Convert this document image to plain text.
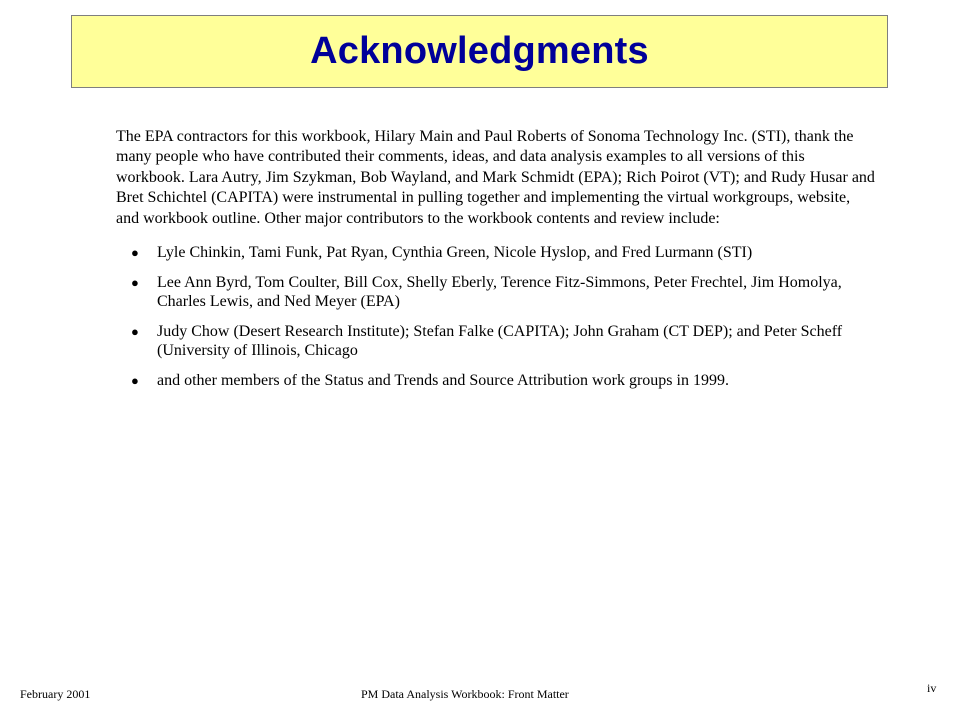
Acknowledgments

The EPA contractors for this workbook, Hilary Main and Paul Roberts of Sonoma Technology Inc. (STI), thank the many people who have contributed their comments, ideas, and data analysis examples to all versions of this workbook. Lara Autry, Jim Szykman, Bob Wayland, and Mark Schmidt (EPA); Rich Poirot (VT); and Rudy Husar and Bret Schichtel (CAPITA) were instrumental in pulling together and implementing the virtual workgroups, website, and workbook outline. Other major contributors to the workbook contents and review include:

● Lyle Chinkin, Tami Funk, Pat Ryan, Cynthia Green, Nicole Hyslop, and Fred Lurmann (STI)
● Lee Ann Byrd, Tom Coulter, Bill Cox, Shelly Eberly, Terence Fitz-Simmons, Peter Frechtel, Jim Homolya, Charles Lewis, and Ned Meyer (EPA)
● Judy Chow (Desert Research Institute); Stefan Falke (CAPITA); John Graham (CT DEP); and Peter Scheff (University of Illinois, Chicago
● and other members of the Status and Trends and Source Attribution work groups in 1999.
February 2001	PM Data Analysis Workbook: Front Matter	iv
